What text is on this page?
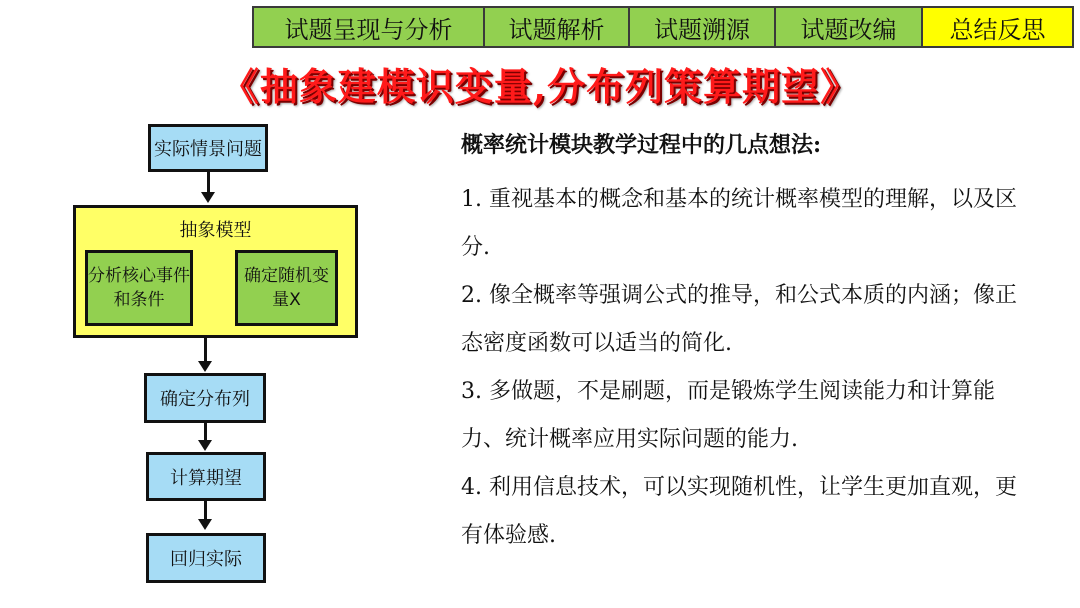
试题呈现与分析	试题解析	试题溯源	试题改编	总结反思
《抽象建模识变量,分布列策算期望》
实际情景问题
抽象模型
分析核心事件和条件
确定随机变量X
确定分布列
计算期望
回归实际

概率统计模块教学过程中的几点想法:

1. 重视基本的概念和基本的统计概率模型的理解，以及区分.

2. 像全概率等强调公式的推导，和公式本质的内涵；像正态密度函数可以适当的简化.

3. 多做题，不是刷题，而是锻炼学生阅读能力和计算能力、统计概率应用实际问题的能力.

4. 利用信息技术，可以实现随机性，让学生更加直观，更有体验感.
